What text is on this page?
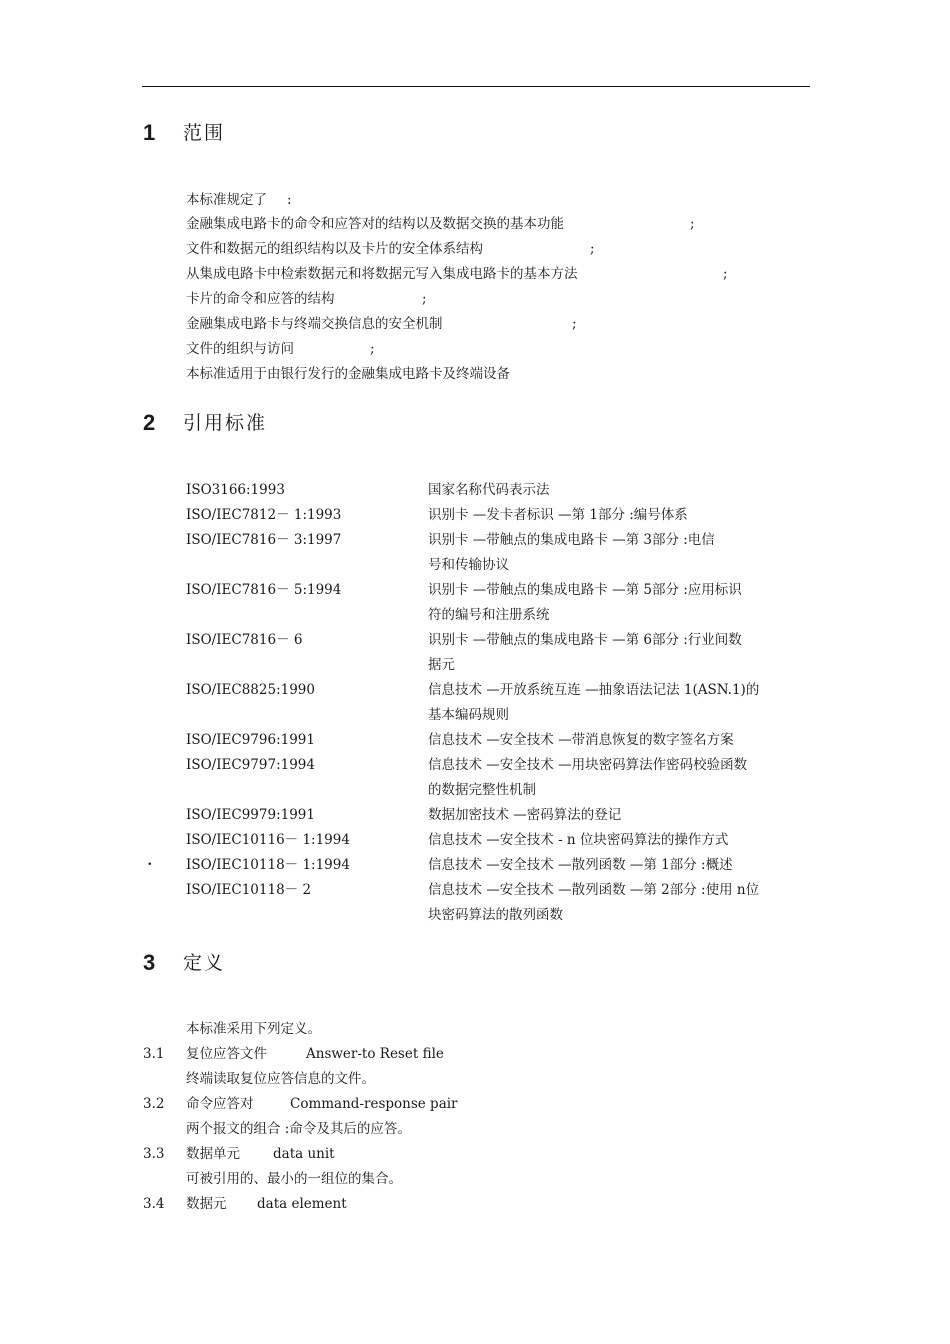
1 范围
本标准规定了 :
金融集成电路卡的命令和应答对的结构以及数据交换的基本功能	;
文件和数据元的组织结构以及卡片的安全体系结构	;
从集成电路卡中检索数据元和将数据元写入集成电路卡的基本方法	;
卡片的命令和应答的结构	;
金融集成电路卡与终端交换信息的安全机制	;
文件的组织与访问	;
本标准适用于由银行发行的金融集成电路卡及终端设备
2 引用标准
ISO3166:1993	国家名称代码表示法
ISO/IEC7812－ 1:1993	识别卡 —发卡者标识 —第 1部分 :编号体系
ISO/IEC7816－ 3:1997	识别卡 —带触点的集成电路卡 —第 3部分 :电信
号和传输协议
ISO/IEC7816－ 5:1994	识别卡 —带触点的集成电路卡 —第 5部分 :应用标识
符的编号和注册系统
ISO/IEC7816－ 6	识别卡 —带触点的集成电路卡 —第 6部分 :行业间数
据元
ISO/IEC8825:1990	信息技术 —开放系统互连 —抽象语法记法 1(ASN.1)的
基本编码规则
ISO/IEC9796:1991	信息技术 —安全技术 —带消息恢复的数字签名方案
ISO/IEC9797:1994	信息技术 —安全技术 —用块密码算法作密码校验函数
的数据完整性机制
ISO/IEC9979:1991	数据加密技术 —密码算法的登记
ISO/IEC10116－ 1:1994	信息技术 —安全技术 - n 位块密码算法的操作方式
・ ISO/IEC10118－ 1:1994	信息技术 —安全技术 —散列函数 —第 1部分 :概述
ISO/IEC10118－ 2	信息技术 —安全技术 —散列函数 —第 2部分 :使用 n位
块密码算法的散列函数
3 定义
本标准采用下列定义。
3.1 复位应答文件	Answer-to Reset file
终端读取复位应答信息的文件。
3.2 命令应答对	Command-response pair
两个报文的组合 :命令及其后的应答。
3.3 数据单元 data unit
可被引用的、最小的一组位的集合。
3.4 数据元 data element
